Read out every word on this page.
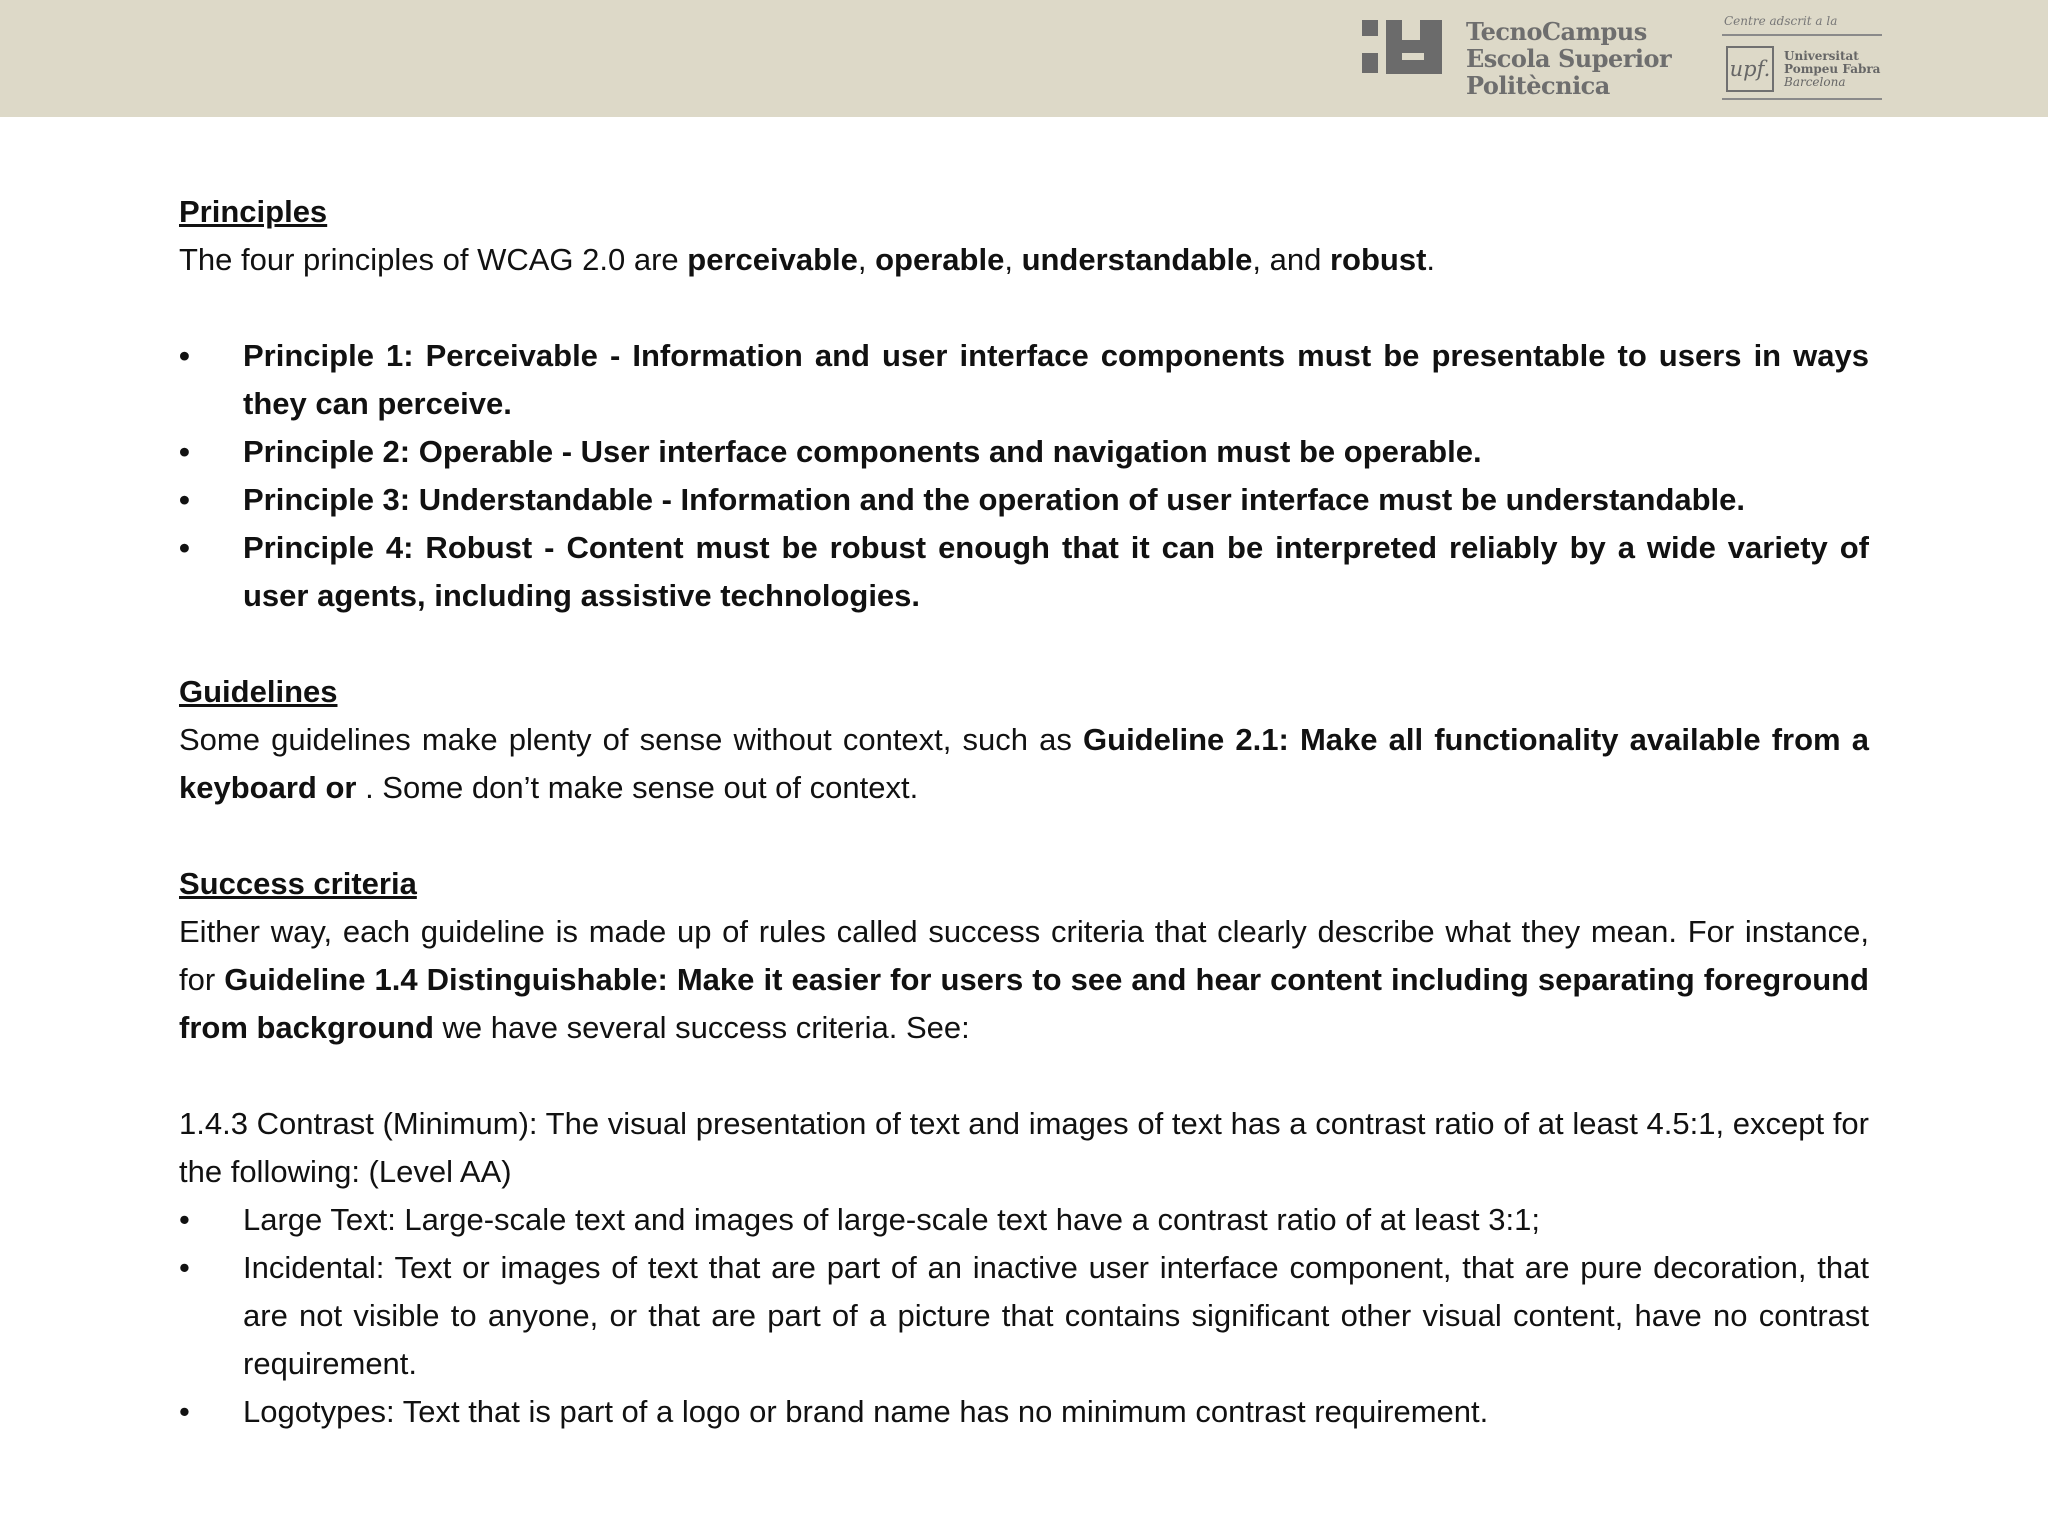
TecnoCampus
Escola Superior
Politècnica
Centre adscrit a la
upf.
Universitat
Pompeu Fabra
Barcelona

Principles

The four principles of WCAG 2.0 are perceivable, operable, understandable, and robust.

• Principle 1: Perceivable - Information and user interface components must be presentable to users in ways they can perceive.
• Principle 2: Operable - User interface components and navigation must be operable.
• Principle 3: Understandable - Information and the operation of user interface must be understandable.
• Principle 4: Robust - Content must be robust enough that it can be interpreted reliably by a wide variety of user agents, including assistive technologies.

Guidelines

Some guidelines make plenty of sense without context, such as Guideline 2.1: Make all functionality available from a keyboard or . Some don’t make sense out of context.

Success criteria

Either way, each guideline is made up of rules called success criteria that clearly describe what they mean. For instance, for Guideline 1.4 Distinguishable: Make it easier for users to see and hear content including separating foreground from background we have several success criteria. See:

1.4.3 Contrast (Minimum): The visual presentation of text and images of text has a contrast ratio of at least 4.5:1, except for the following: (Level AA)

• Large Text: Large-scale text and images of large-scale text have a contrast ratio of at least 3:1;
• Incidental: Text or images of text that are part of an inactive user interface component, that are pure decoration, that are not visible to anyone, or that are part of a picture that contains significant other visual content, have no contrast requirement.
• Logotypes: Text that is part of a logo or brand name has no minimum contrast requirement.
